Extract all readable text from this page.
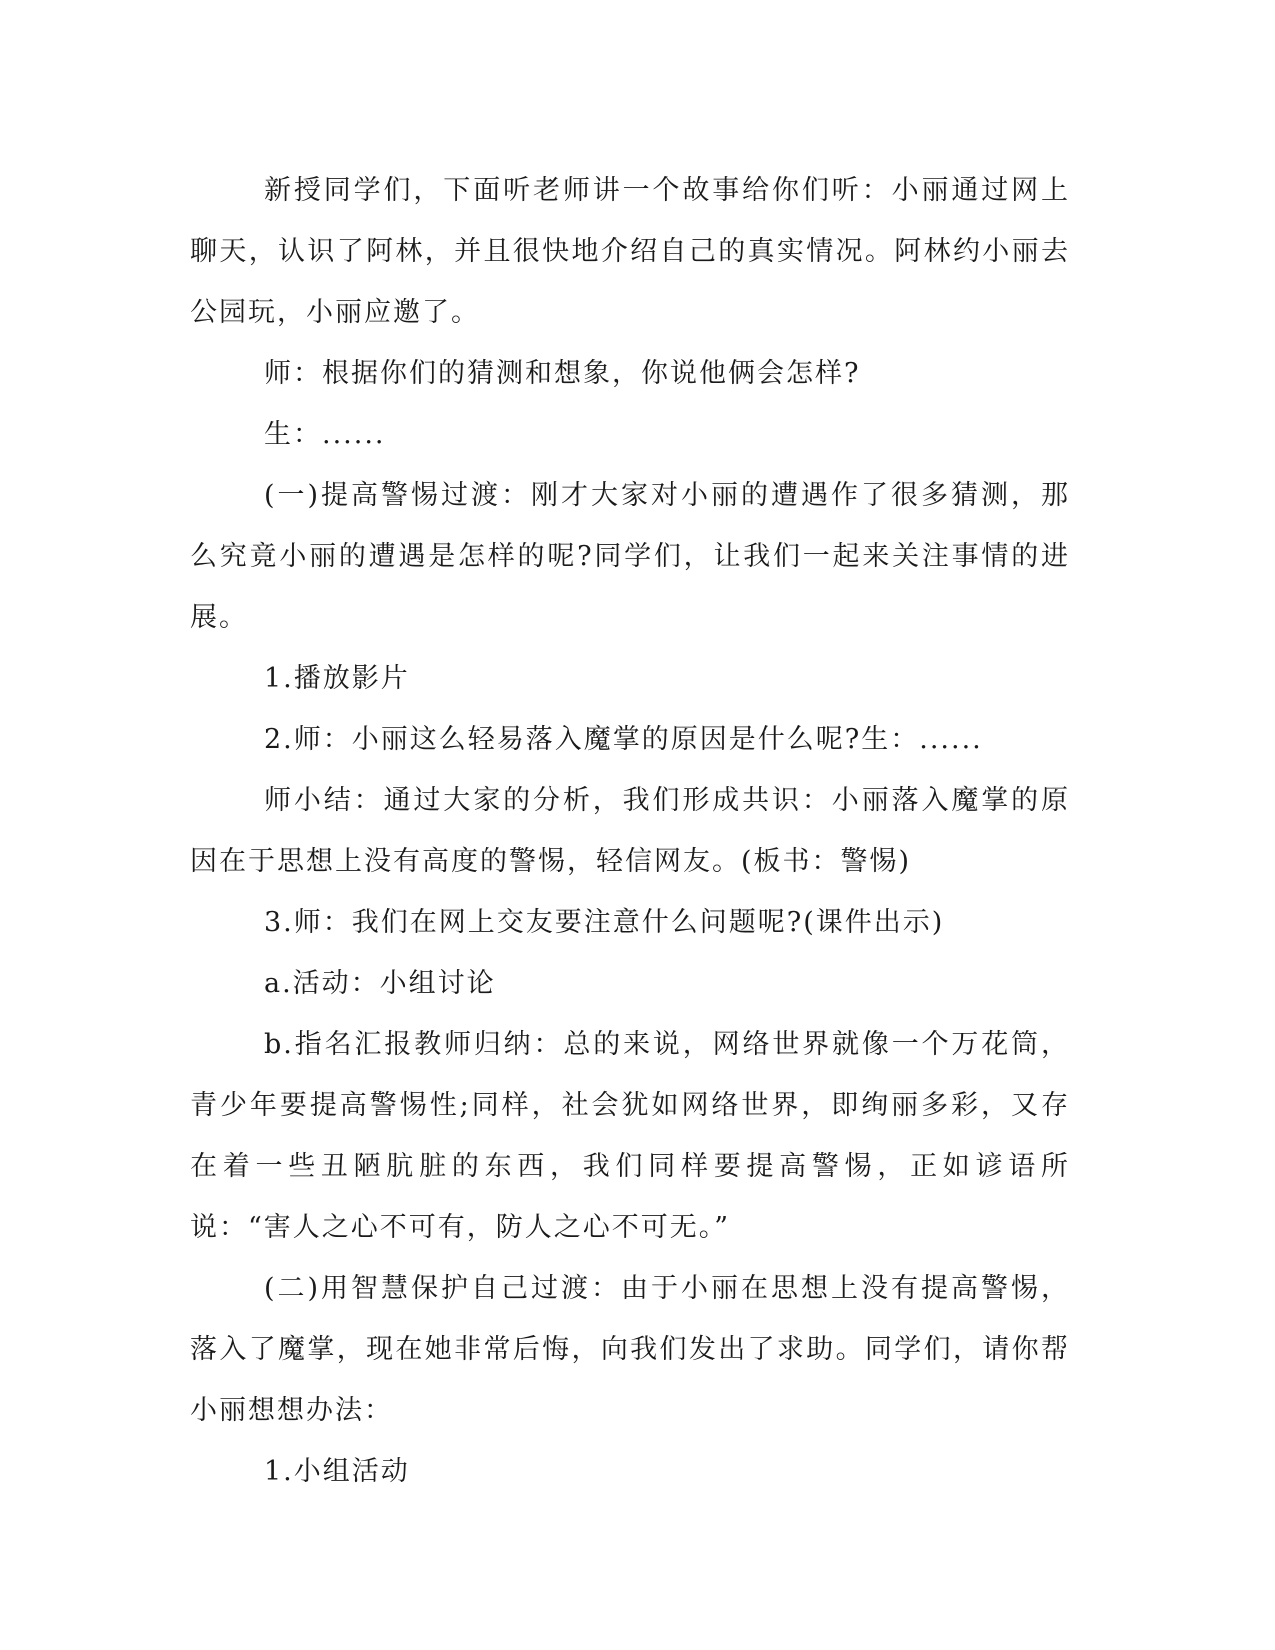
新授同学们，下面听老师讲一个故事给你们听：小丽通过网上聊天，认识了阿林，并且很快地介绍自己的真实情况。阿林约小丽去公园玩，小丽应邀了。

师：根据你们的猜测和想象，你说他俩会怎样?

生：......

(一)提高警惕过渡：刚才大家对小丽的遭遇作了很多猜测，那么究竟小丽的遭遇是怎样的呢?同学们，让我们一起来关注事情的进展。

1.播放影片

2.师：小丽这么轻易落入魔掌的原因是什么呢?生：......

师小结：通过大家的分析，我们形成共识：小丽落入魔掌的原因在于思想上没有高度的警惕，轻信网友。(板书：警惕)

3.师：我们在网上交友要注意什么问题呢?(课件出示)

a.活动：小组讨论

b.指名汇报教师归纳：总的来说，网络世界就像一个万花筒，青少年要提高警惕性;同样，社会犹如网络世界，即绚丽多彩，又存在着一些丑陋肮脏的东西，我们同样要提高警惕，正如谚语所说：“害人之心不可有，防人之心不可无。”

(二)用智慧保护自己过渡：由于小丽在思想上没有提高警惕，落入了魔掌，现在她非常后悔，向我们发出了求助。同学们，请你帮小丽想想办法：

1.小组活动
